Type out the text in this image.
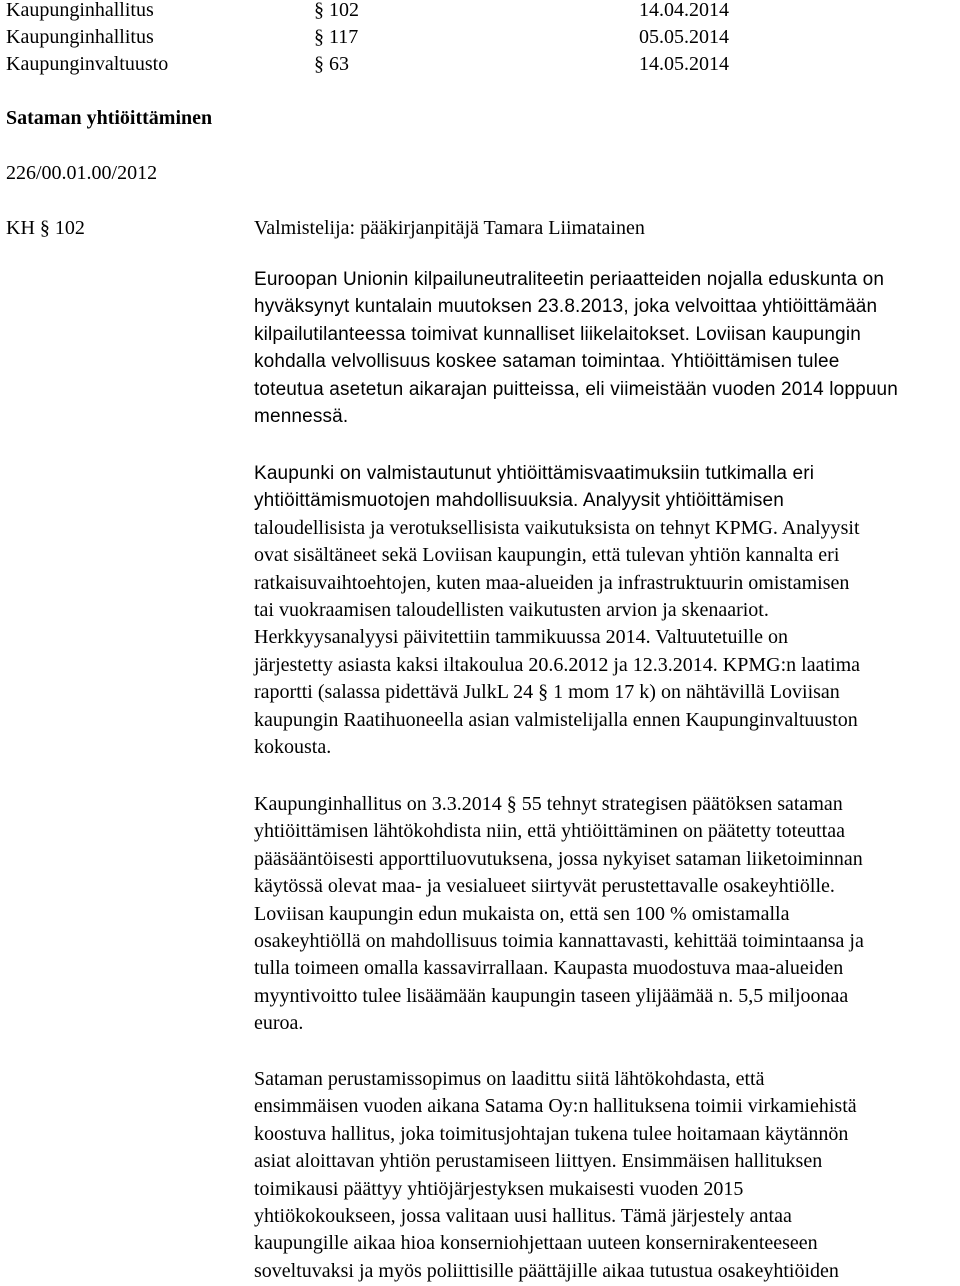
Kaupunginhallitus	§ 102	14.04.2014
Kaupunginhallitus	§ 117	05.05.2014
Kaupunginvaltuusto	§ 63	14.05.2014
Sataman yhtiöittäminen
226/00.01.00/2012
KH § 102	Valmistelija: pääkirjanpitäjä Tamara Liimatainen
Euroopan Unionin kilpailuneutraliteetin periaatteiden nojalla eduskunta on
hyväksynyt kuntalain muutoksen 23.8.2013, joka velvoittaa yhtiöittämään
kilpailutilanteessa toimivat kunnalliset liikelaitokset. Loviisan kaupungin
kohdalla velvollisuus koskee sataman toimintaa. Yhtiöittämisen tulee
toteutua asetetun aikarajan puitteissa, eli viimeistään vuoden 2014 loppuun
mennessä.
Kaupunki on valmistautunut yhtiöittämisvaatimuksiin tutkimalla eri
yhtiöittämismuotojen mahdollisuuksia. Analyysit yhtiöittämisen
taloudellisista ja verotuksellisista vaikutuksista on tehnyt KPMG. Analyysit
ovat sisältäneet sekä Loviisan kaupungin, että tulevan yhtiön kannalta eri
ratkaisuvaihtoehtojen, kuten maa-alueiden ja infrastruktuurin omistamisen
tai vuokraamisen taloudellisten vaikutusten arvion ja skenaariot.
Herkkyysanalyysi päivitettiin tammikuussa 2014. Valtuutetuille on
järjestetty asiasta kaksi iltakoulua 20.6.2012 ja 12.3.2014. KPMG:n laatima
raportti (salassa pidettävä JulkL 24 § 1 mom 17 k) on nähtävillä Loviisan
kaupungin Raatihuoneella asian valmistelijalla ennen Kaupunginvaltuuston
kokousta.
Kaupunginhallitus on 3.3.2014 § 55 tehnyt strategisen päätöksen sataman
yhtiöittämisen lähtökohdista niin, että yhtiöittäminen on päätetty toteuttaa
pääsääntöisesti apporttiluovutuksena, jossa nykyiset sataman liiketoiminnan
käytössä olevat maa- ja vesialueet siirtyvät perustettavalle osakeyhtiölle.
Loviisan kaupungin edun mukaista on, että sen 100 % omistamalla
osakeyhtiöllä on mahdollisuus toimia kannattavasti, kehittää toimintaansa ja
tulla toimeen omalla kassavirrallaan. Kaupasta muodostuva maa-alueiden
myyntivoitto tulee lisäämään kaupungin taseen ylijäämää n. 5,5 miljoonaa
euroa.
Sataman perustamissopimus on laadittu siitä lähtökohdasta, että
ensimmäisen vuoden aikana Satama Oy:n hallituksena toimii virkamiehistä
koostuva hallitus, joka toimitusjohtajan tukena tulee hoitamaan käytännön
asiat aloittavan yhtiön perustamiseen liittyen. Ensimmäisen hallituksen
toimikausi päättyy yhtiöjärjestyksen mukaisesti vuoden 2015
yhtiökokoukseen, jossa valitaan uusi hallitus. Tämä järjestely antaa
kaupungille aikaa hioa konserniohjettaan uuteen konsernirakenteeseen
soveltuvaksi ja myös poliittisille päättäjille aikaa tutustua osakeyhtiöiden
